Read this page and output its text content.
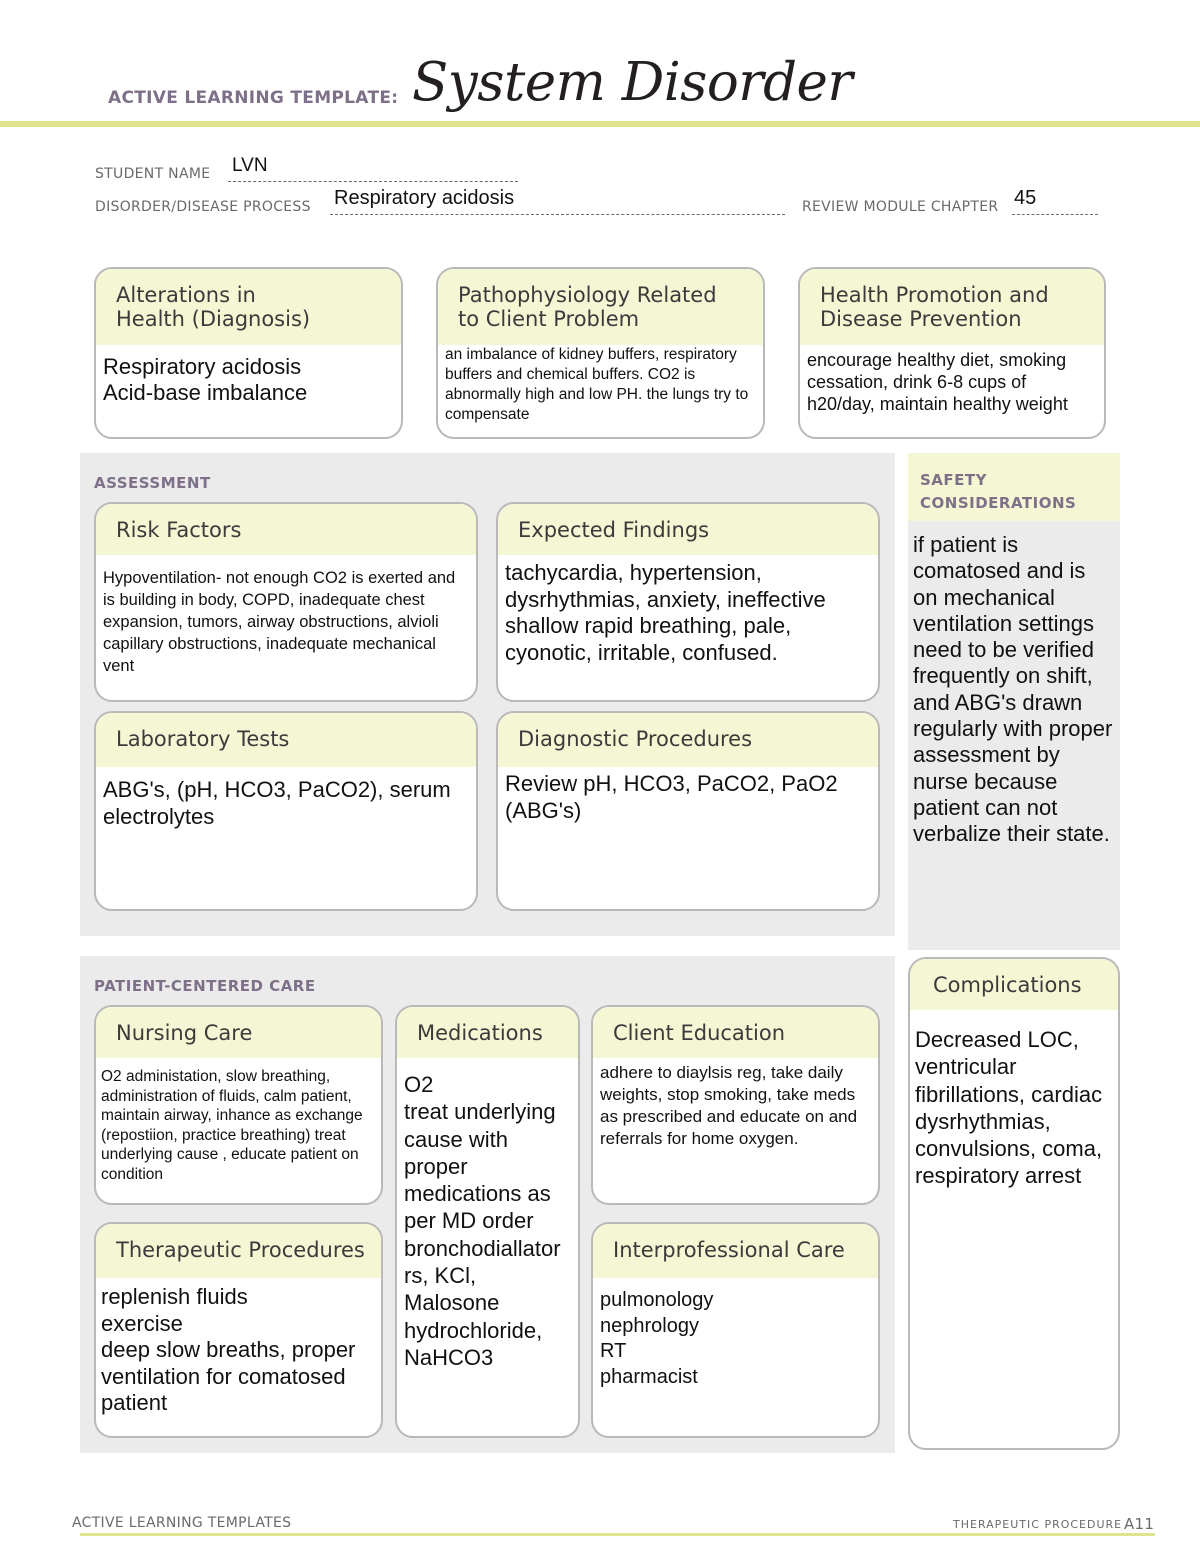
ACTIVE LEARNING TEMPLATE: System Disorder
STUDENT NAME LVN
DISORDER/DISEASE PROCESS Respiratory acidosis	REVIEW MODULE CHAPTER 45
Alterations in
Health (Diagnosis)
Respiratory acidosis
Acid-base imbalance
Pathophysiology Related
to Client Problem
an imbalance of kidney buffers, respiratory buffers and chemical buffers. CO2 is abnormally high and low PH. the lungs try to compensate
Health Promotion and
Disease Prevention
encourage healthy diet, smoking cessation, drink 6-8 cups of h20/day, maintain healthy weight
ASSESSMENT
Risk Factors
Hypoventilation- not enough CO2 is exerted and is building in body, COPD, inadequate chest expansion, tumors, airway obstructions, alvioli capillary obstructions, inadequate mechanical vent
Expected Findings
tachycardia, hypertension, dysrhythmias, anxiety, ineffective shallow rapid breathing, pale, cyonotic, irritable, confused.
Laboratory Tests
ABG's, (pH, HCO3, PaCO2), serum electrolytes
Diagnostic Procedures
Review pH, HCO3, PaCO2, PaO2 (ABG's)
SAFETY
CONSIDERATIONS
if patient is comatosed and is on mechanical ventilation settings need to be verified frequently on shift, and ABG's drawn regularly with proper assessment by nurse because patient can not verbalize their state.
PATIENT-CENTERED CARE
Nursing Care
O2 administation, slow breathing, administration of fluids, calm patient, maintain airway, inhance as exchange (repostiion, practice breathing) treat underlying cause , educate patient on condition
Medications
O2
treat underlying cause with proper medications as per MD order bronchodiallator rs, KCl, Malosone hydrochloride, NaHCO3
Client Education
adhere to diaylsis reg, take daily weights, stop smoking, take meds as prescribed and educate on and referrals for home oxygen.
Therapeutic Procedures
replenish fluids
exercise
deep slow breaths, proper ventilation for comatosed patient
Interprofessional Care
pulmonology
nephrology
RT
pharmacist
Complications
Decreased LOC, ventricular fibrillations, cardiac dysrhythmias, convulsions, coma, respiratory arrest
ACTIVE LEARNING TEMPLATES	THERAPEUTIC PROCEDURE A11
